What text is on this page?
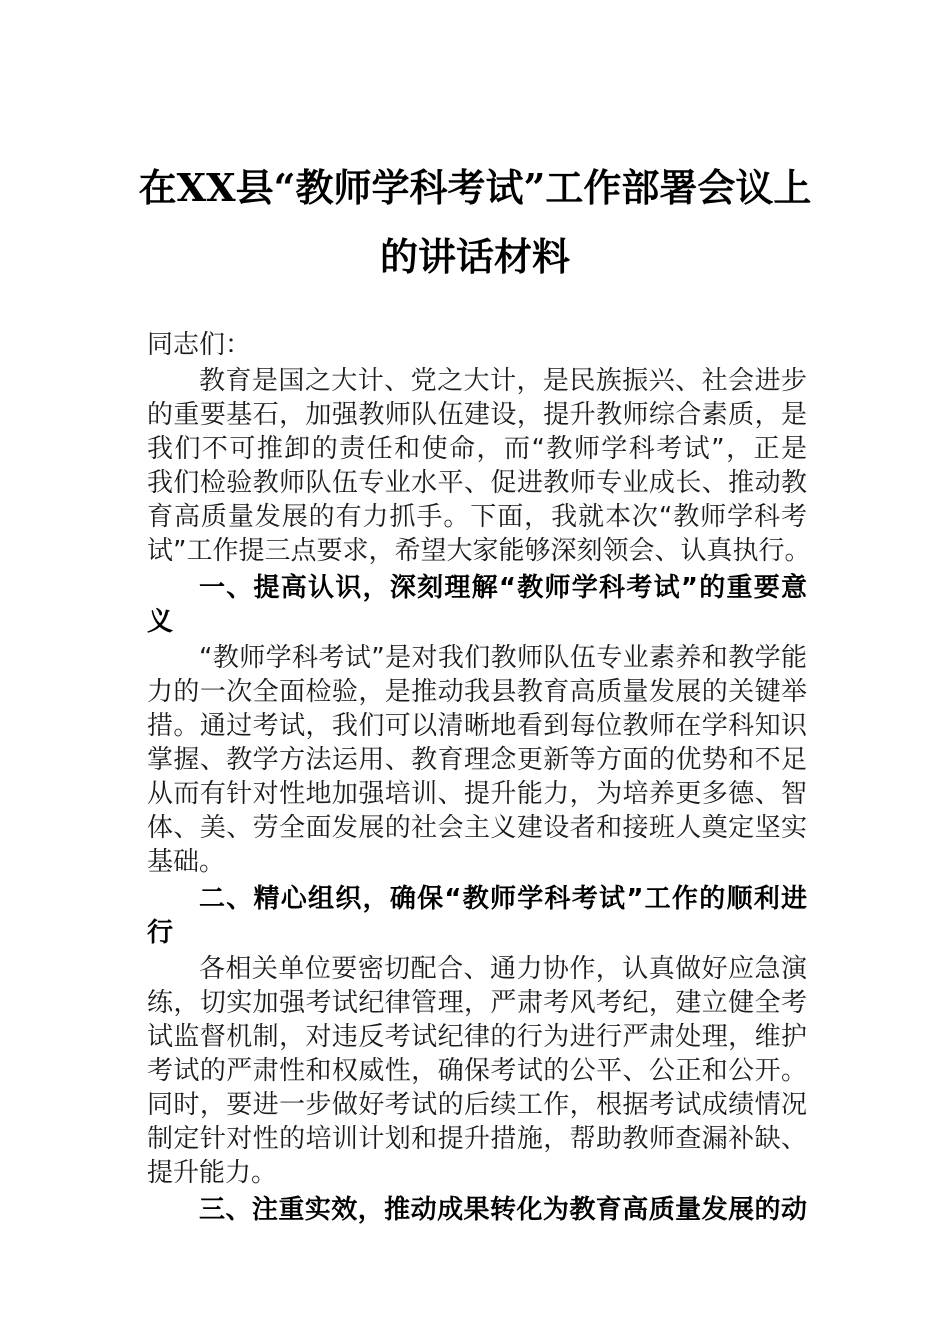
在XX县“教师学科考试”工作部署会议上
的讲话材料
同志们：
教育是国之大计、党之大计，是民族振兴、社会进步
的重要基石，加强教师队伍建设，提升教师综合素质，是
我们不可推卸的责任和使命，而“教师学科考试”，正是
我们检验教师队伍专业水平、促进教师专业成长、推动教
育高质量发展的有力抓手。下面，我就本次“教师学科考
试”工作提三点要求，希望大家能够深刻领会、认真执行。
一、提高认识，深刻理解“教师学科考试”的重要意
义
“教师学科考试”是对我们教师队伍专业素养和教学能
力的一次全面检验，是推动我县教育高质量发展的关键举
措。通过考试，我们可以清晰地看到每位教师在学科知识
掌握、教学方法运用、教育理念更新等方面的优势和不足
从而有针对性地加强培训、提升能力，为培养更多德、智
体、美、劳全面发展的社会主义建设者和接班人奠定坚实
基础。
二、精心组织，确保“教师学科考试”工作的顺利进
行
各相关单位要密切配合、通力协作，认真做好应急演
练，切实加强考试纪律管理，严肃考风考纪，建立健全考
试监督机制，对违反考试纪律的行为进行严肃处理，维护
考试的严肃性和权威性，确保考试的公平、公正和公开。
同时，要进一步做好考试的后续工作，根据考试成绩情况
制定针对性的培训计划和提升措施，帮助教师查漏补缺、
提升能力。
三、注重实效，推动成果转化为教育高质量发展的动
